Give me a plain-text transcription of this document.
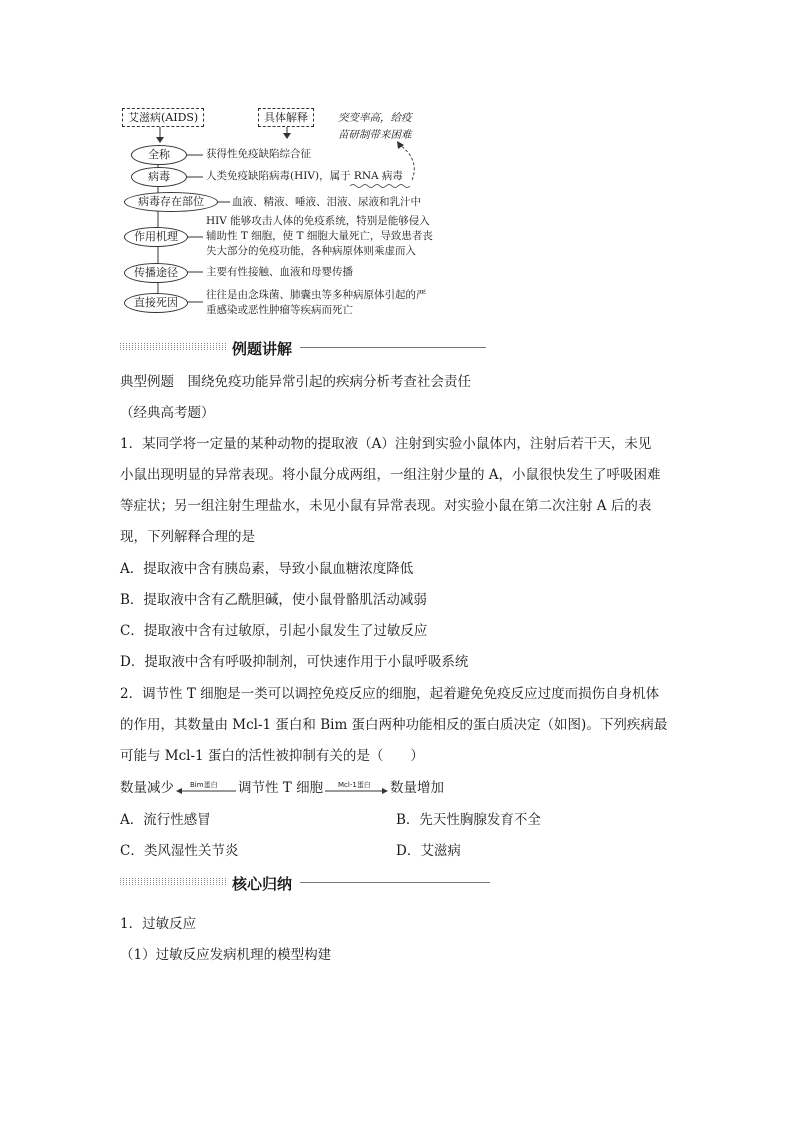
艾滋病(AIDS)	具体解释	突变率高，给疫
苗研制带来困难
全称	获得性免疫缺陷综合征
病毒	人类免疫缺陷病毒(HIV)，属于 RNA 病毒
病毒存在部位	血液、精液、唾液、泪液、尿液和乳汁中
作用机理
HIV 能够攻击人体的免疫系统，特别是能够侵入
辅助性 T 细胞，使 T 细胞大量死亡，导致患者丧
失大部分的免疫功能，各种病原体则乘虚而入
传播途径	主要有性接触、血液和母婴传播
直接死因
往往是由念珠菌、肺囊虫等多种病原体引起的严
重感染或恶性肿瘤等疾病而死亡
例题讲解
典型例题　围绕免疫功能异常引起的疾病分析考查社会责任
（经典高考题）
1．某同学将一定量的某种动物的提取液（A）注射到实验小鼠体内，注射后若干天，未见
小鼠出现明显的异常表现。将小鼠分成两组，一组注射少量的 A，小鼠很快发生了呼吸困难
等症状；另一组注射生理盐水，未见小鼠有异常表现。对实验小鼠在第二次注射 A 后的表
现，下列解释合理的是
A．提取液中含有胰岛素，导致小鼠血糖浓度降低
B．提取液中含有乙酰胆碱，使小鼠骨骼肌活动减弱
C．提取液中含有过敏原，引起小鼠发生了过敏反应
D．提取液中含有呼吸抑制剂，可快速作用于小鼠呼吸系统
2．调节性 T 细胞是一类可以调控免疫反应的细胞，起着避免免疫反应过度而损伤自身机体
的作用，其数量由 Mcl-1 蛋白和 Bim 蛋白两种功能相反的蛋白质决定（如图)。下列疾病最
可能与 Mcl-1 蛋白的活性被抑制有关的是（　　）
数量减少 Bim蛋白 调节性 T 细胞 Mcl-1蛋白 数量增加
A．流行性感冒	B．先天性胸腺发育不全
C．类风湿性关节炎	D．艾滋病
核心归纳
1．过敏反应
（1）过敏反应发病机理的模型构建
